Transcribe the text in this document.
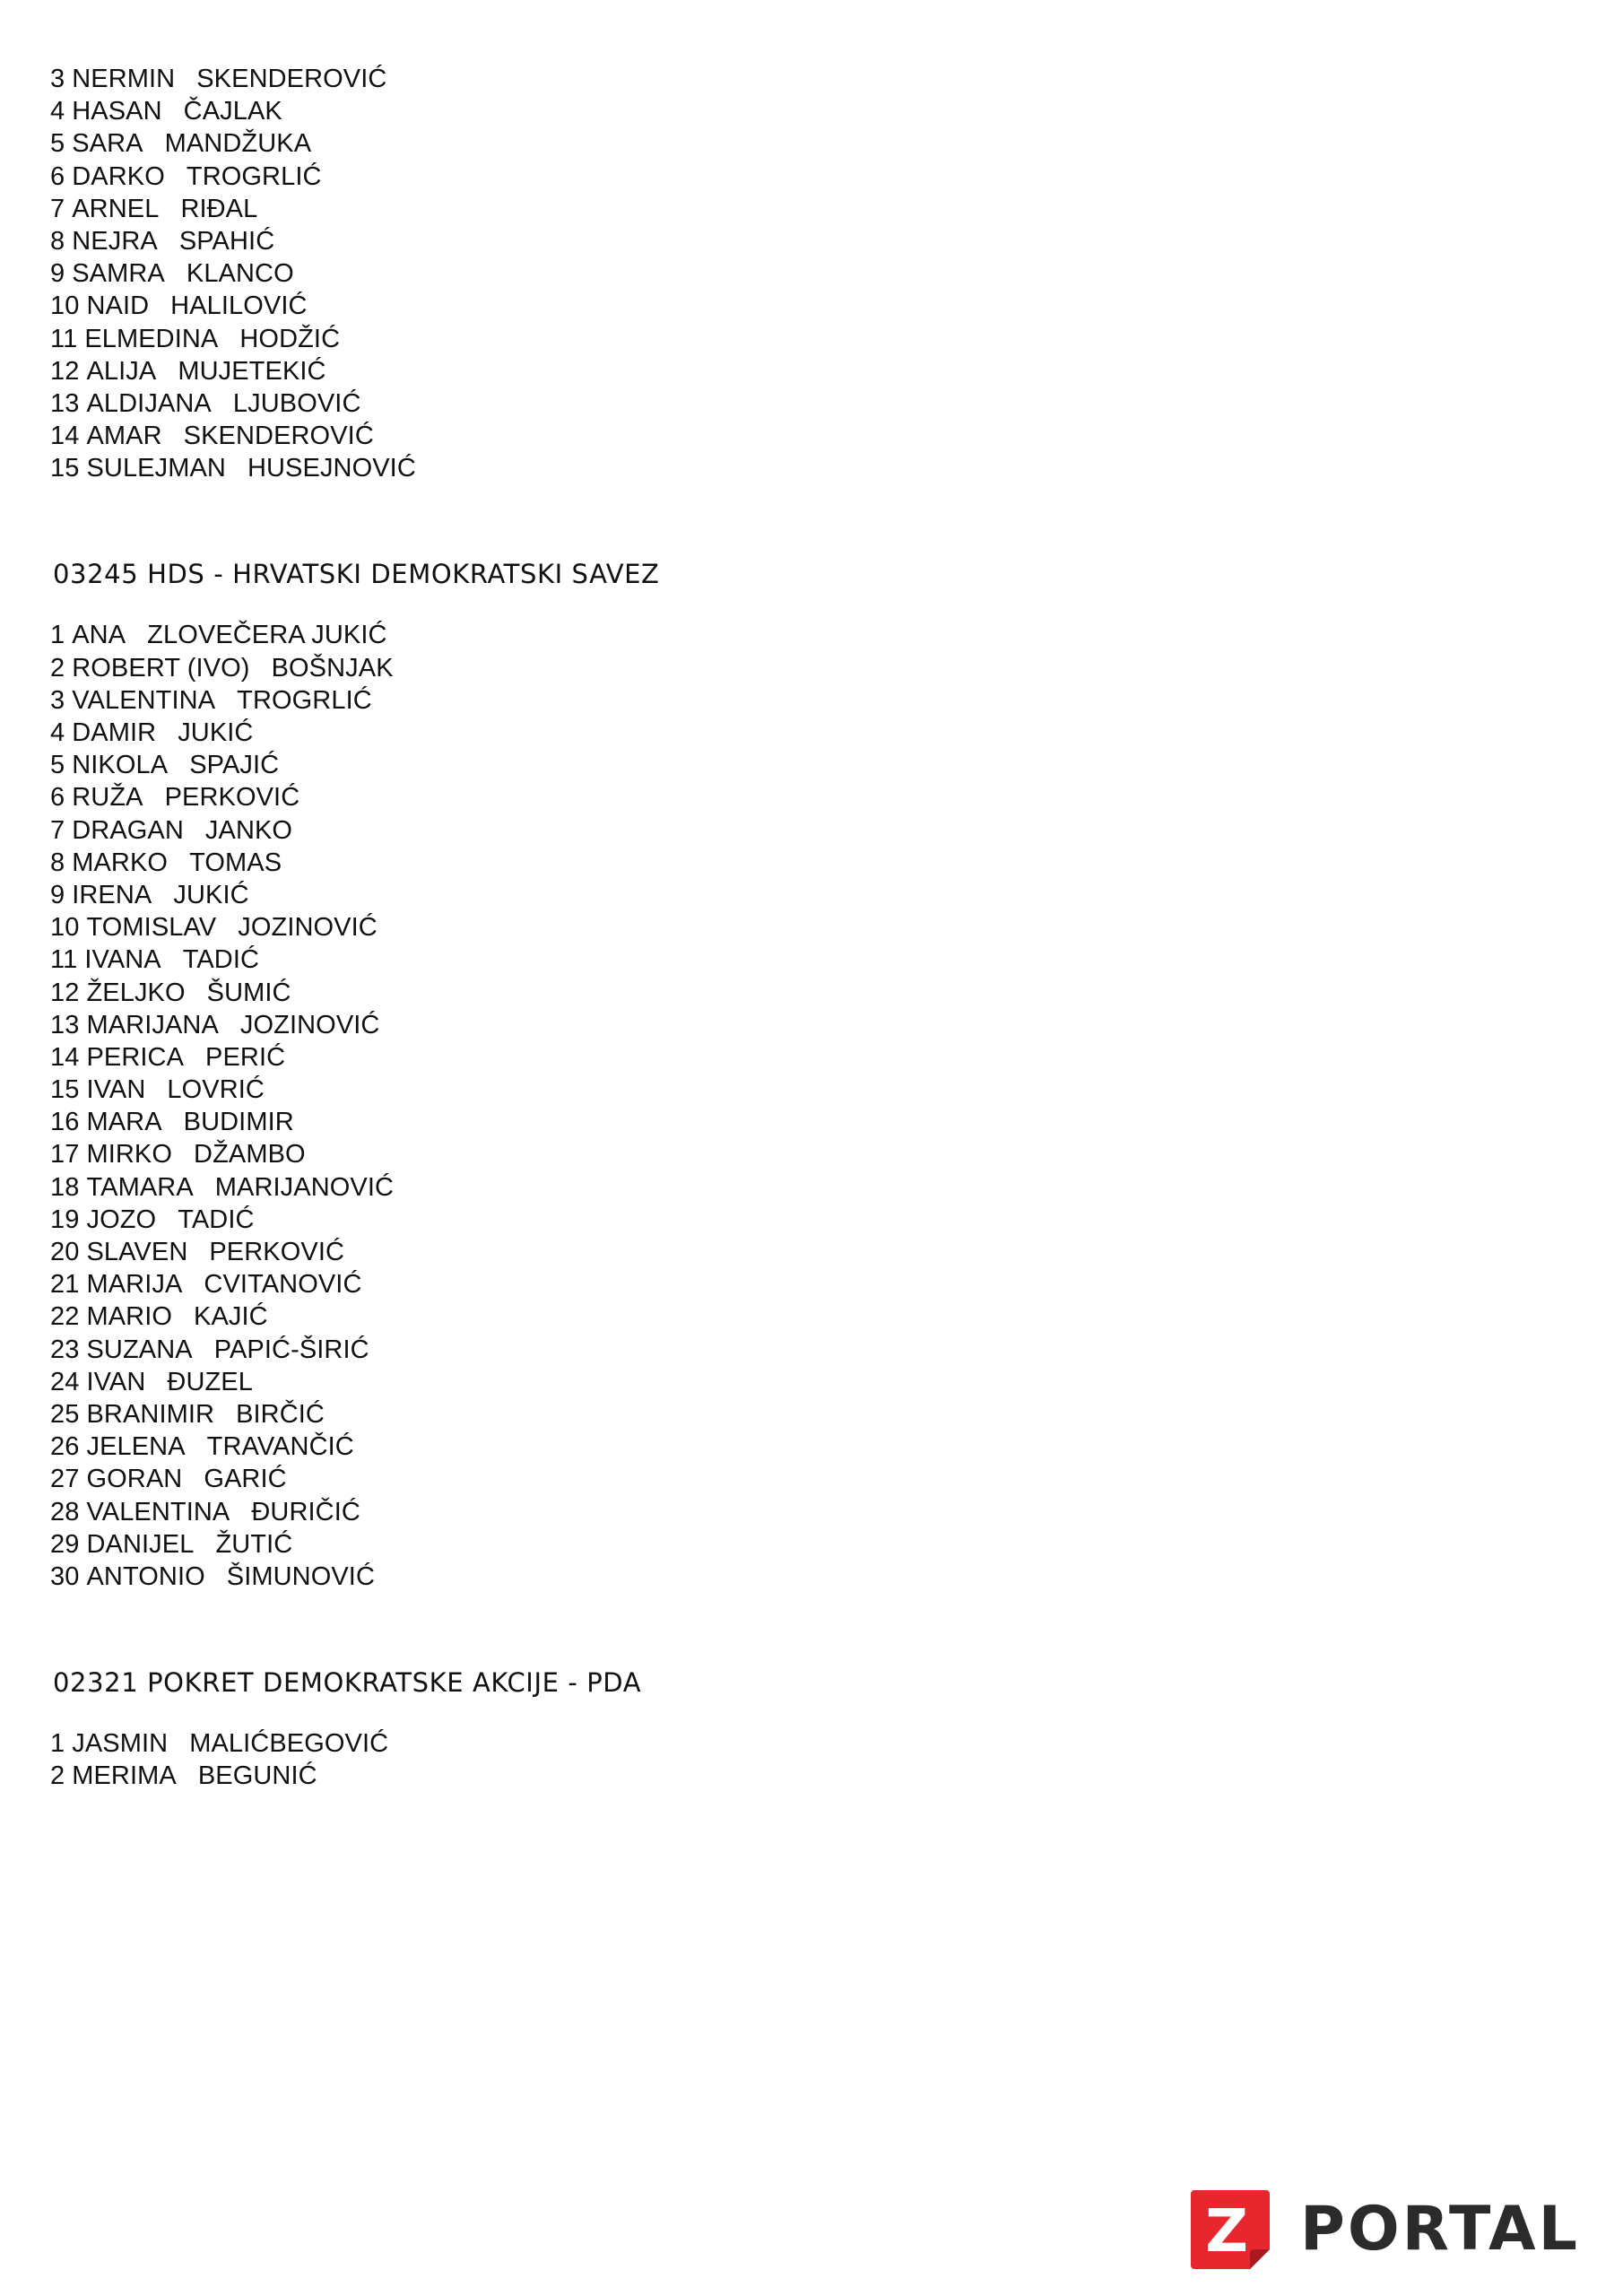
3 NERMIN SKENDEROVIĆ
4 HASAN ČAJLAK
5 SARA MANDŽUKA
6 DARKO TROGRLIĆ
7 ARNEL RIĐAL
8 NEJRA SPAHIĆ
9 SAMRA KLANCO
10 NAID HALILOVIĆ
11 ELMEDINA HODŽIĆ
12 ALIJA MUJETEKIĆ
13 ALDIJANA LJUBOVIĆ
14 AMAR SKENDEROVIĆ
15 SULEJMAN HUSEJNOVIĆ
03245 HDS - HRVATSKI DEMOKRATSKI SAVEZ
1 ANA ZLOVEČERA JUKIĆ
2 ROBERT (IVO) BOŠNJAK
3 VALENTINA TROGRLIĆ
4 DAMIR JUKIĆ
5 NIKOLA SPAJIĆ
6 RUŽA PERKOVIĆ
7 DRAGAN JANKO
8 MARKO TOMAS
9 IRENA JUKIĆ
10 TOMISLAV JOZINOVIĆ
11 IVANA TADIĆ
12 ŽELJKO ŠUMIĆ
13 MARIJANA JOZINOVIĆ
14 PERICA PERIĆ
15 IVAN LOVRIĆ
16 MARA BUDIMIR
17 MIRKO DŽAMBO
18 TAMARA MARIJANOVIĆ
19 JOZO TADIĆ
20 SLAVEN PERKOVIĆ
21 MARIJA CVITANOVIĆ
22 MARIO KAJIĆ
23 SUZANA PAPIĆ-ŠIRIĆ
24 IVAN ĐUZEL
25 BRANIMIR BIRČIĆ
26 JELENA TRAVANČIĆ
27 GORAN GARIĆ
28 VALENTINA ĐURIČIĆ
29 DANIJEL ŽUTIĆ
30 ANTONIO ŠIMUNOVIĆ
02321 POKRET DEMOKRATSKE AKCIJE - PDA
1 JASMIN MALIĆBEGOVIĆ
2 MERIMA BEGUNIĆ
Z PORTAL
